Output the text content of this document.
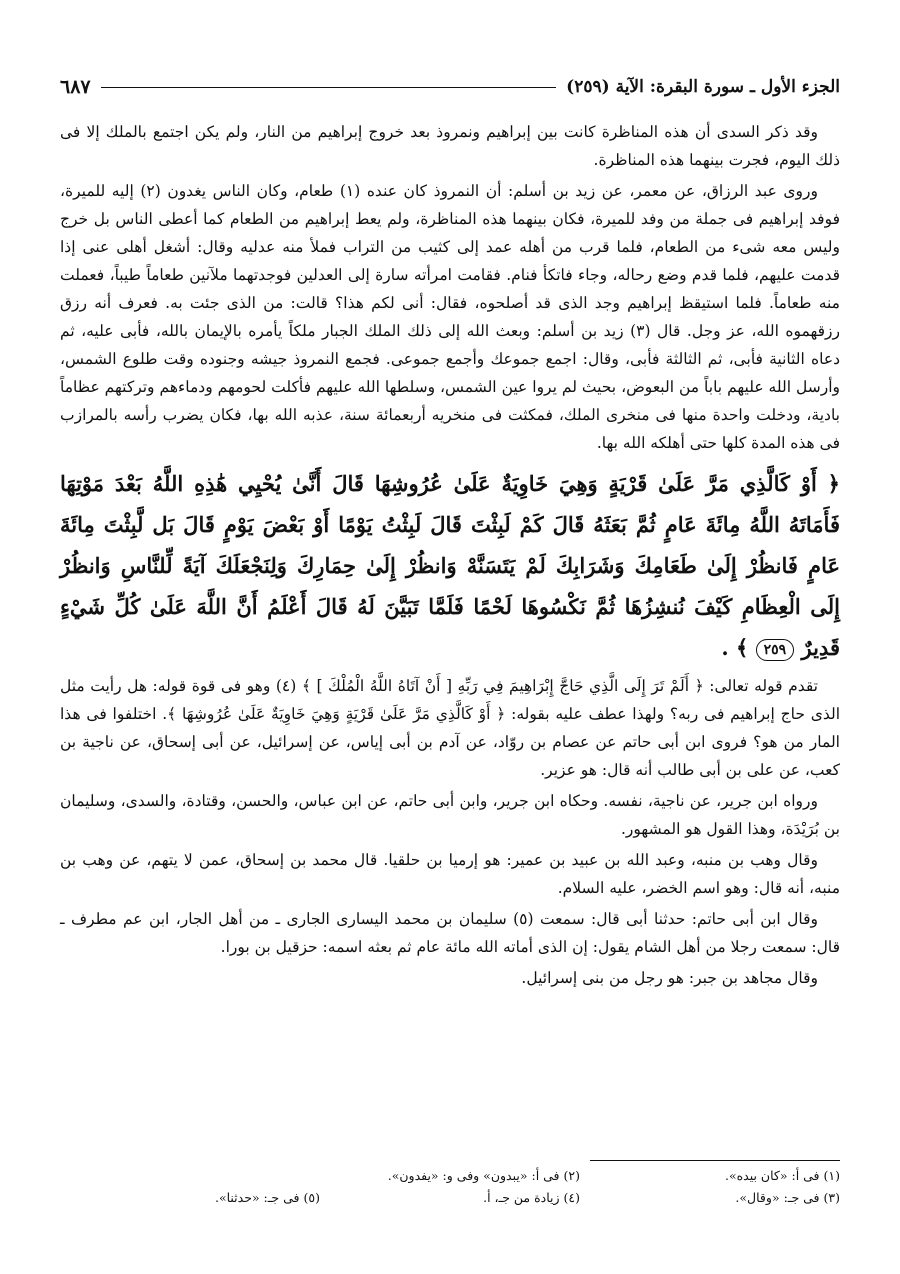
الجزء الأول ـ سورة البقرة: الآية (٢٥٩)
٦٨٧

وقد ذكر السدى أن هذه المناظرة كانت بين إبراهيم ونمروذ بعد خروج إبراهيم من النار، ولم يكن اجتمع بالملك إلا فى ذلك اليوم، فجرت بينهما هذه المناظرة.

وروى عبد الرزاق، عن معمر، عن زيد بن أسلم: أن النمروذ كان عنده (١) طعام، وكان الناس يغدون (٢) إليه للميرة، فوفد إبراهيم فى جملة من وفد للميرة، فكان بينهما هذه المناظرة، ولم يعط إبراهيم من الطعام كما أعطى الناس بل خرج وليس معه شىء من الطعام، فلما قرب من أهله عمد إلى كثيب من التراب فملأ منه عدليه وقال: أشغل أهلى عنى إذا قدمت عليهم، فلما قدم وضع رحاله، وجاء فاتكأ فنام. فقامت امرأته سارة إلى العدلين فوجدتهما ملآنين طعاماً طيباً، فعملت منه طعاماً. فلما استيقظ إبراهيم وجد الذى قد أصلحوه، فقال: أنى لكم هذا؟ قالت: من الذى جئت به. فعرف أنه رزق رزقهموه الله، عز وجل. قال (٣) زيد بن أسلم: وبعث الله إلى ذلك الملك الجبار ملكاً يأمره بالإيمان بالله، فأبى عليه، ثم دعاه الثانية فأبى، ثم الثالثة فأبى، وقال: اجمع جموعك وأجمع جموعى. فجمع النمروذ جيشه وجنوده وقت طلوع الشمس، وأرسل الله عليهم باباً من البعوض، بحيث لم يروا عين الشمس، وسلطها الله عليهم فأكلت لحومهم ودماءهم وتركتهم عظاماً بادية، ودخلت واحدة منها فى منخرى الملك، فمكثت فى منخريه أربعمائة سنة، عذبه الله بها، فكان يضرب رأسه بالمرازب فى هذه المدة كلها حتى أهلكه الله بها.

﴿ أَوْ كَالَّذِي مَرَّ عَلَىٰ قَرْيَةٍ وَهِيَ خَاوِيَةٌ عَلَىٰ عُرُوشِهَا قَالَ أَنَّىٰ يُحْيِي هَٰذِهِ اللَّهُ بَعْدَ مَوْتِهَا فَأَمَاتَهُ اللَّهُ مِائَةَ عَامٍ ثُمَّ بَعَثَهُ قَالَ كَمْ لَبِثْتَ قَالَ لَبِثْتُ يَوْمًا أَوْ بَعْضَ يَوْمٍ قَالَ بَل لَّبِثْتَ مِائَةَ عَامٍ فَانظُرْ إِلَىٰ طَعَامِكَ وَشَرَابِكَ لَمْ يَتَسَنَّهْ وَانظُرْ إِلَىٰ حِمَارِكَ وَلِنَجْعَلَكَ آيَةً لِّلنَّاسِ وَانظُرْ إِلَى الْعِظَامِ كَيْفَ نُنشِزُهَا ثُمَّ نَكْسُوهَا لَحْمًا فَلَمَّا تَبَيَّنَ لَهُ قَالَ أَعْلَمُ أَنَّ اللَّهَ عَلَىٰ كُلِّ شَيْءٍ قَدِيرٌ ٢٥٩ ﴾ .

تقدم قوله تعالى: ﴿ أَلَمْ تَرَ إِلَى الَّذِي حَاجَّ إِبْرَاهِيمَ فِي رَبِّهِ [ أَنْ آتَاهُ اللَّهُ الْمُلْكَ ] ﴾ (٤) وهو فى قوة قوله: هل رأيت مثل الذى حاج إبراهيم فى ربه؟ ولهذا عطف عليه بقوله: ﴿ أَوْ كَالَّذِي مَرَّ عَلَىٰ قَرْيَةٍ وَهِيَ خَاوِيَةٌ عَلَىٰ عُرُوشِهَا ﴾. اختلفوا فى هذا المار من هو؟ فروى ابن أبى حاتم عن عصام بن روّاد، عن آدم بن أبى إياس، عن إسرائيل، عن أبى إسحاق، عن ناجية بن كعب، عن على بن أبى طالب أنه قال: هو عزير.

ورواه ابن جرير، عن ناجية، نفسه. وحكاه ابن جرير، وابن أبى حاتم، عن ابن عباس، والحسن، وقتادة، والسدى، وسليمان بن بُرَيْدَة، وهذا القول هو المشهور.

وقال وهب بن منبه، وعبد الله بن عبيد بن عمير: هو إرميا بن حلقيا. قال محمد بن إسحاق، عمن لا يتهم، عن وهب بن منبه، أنه قال: وهو اسم الخضر، عليه السلام.

وقال ابن أبى حاتم: حدثنا أبى قال: سمعت (٥) سليمان بن محمد اليسارى الجارى ـ من أهل الجار، ابن عم مطرف ـ قال: سمعت رجلا من أهل الشام يقول: إن الذى أماته الله مائة عام ثم بعثه اسمه: حزقيل بن بورا.

وقال مجاهد بن جبر: هو رجل من بنى إسرائيل.

(١) فى أ: «كان بيده».
(٢) فى أ: «يبدون» وفى و: «يفدون».
(٣) فى جـ: «وقال».
(٤) زيادة من جـ، أ.
(٥) فى جـ: «حدثنا».
